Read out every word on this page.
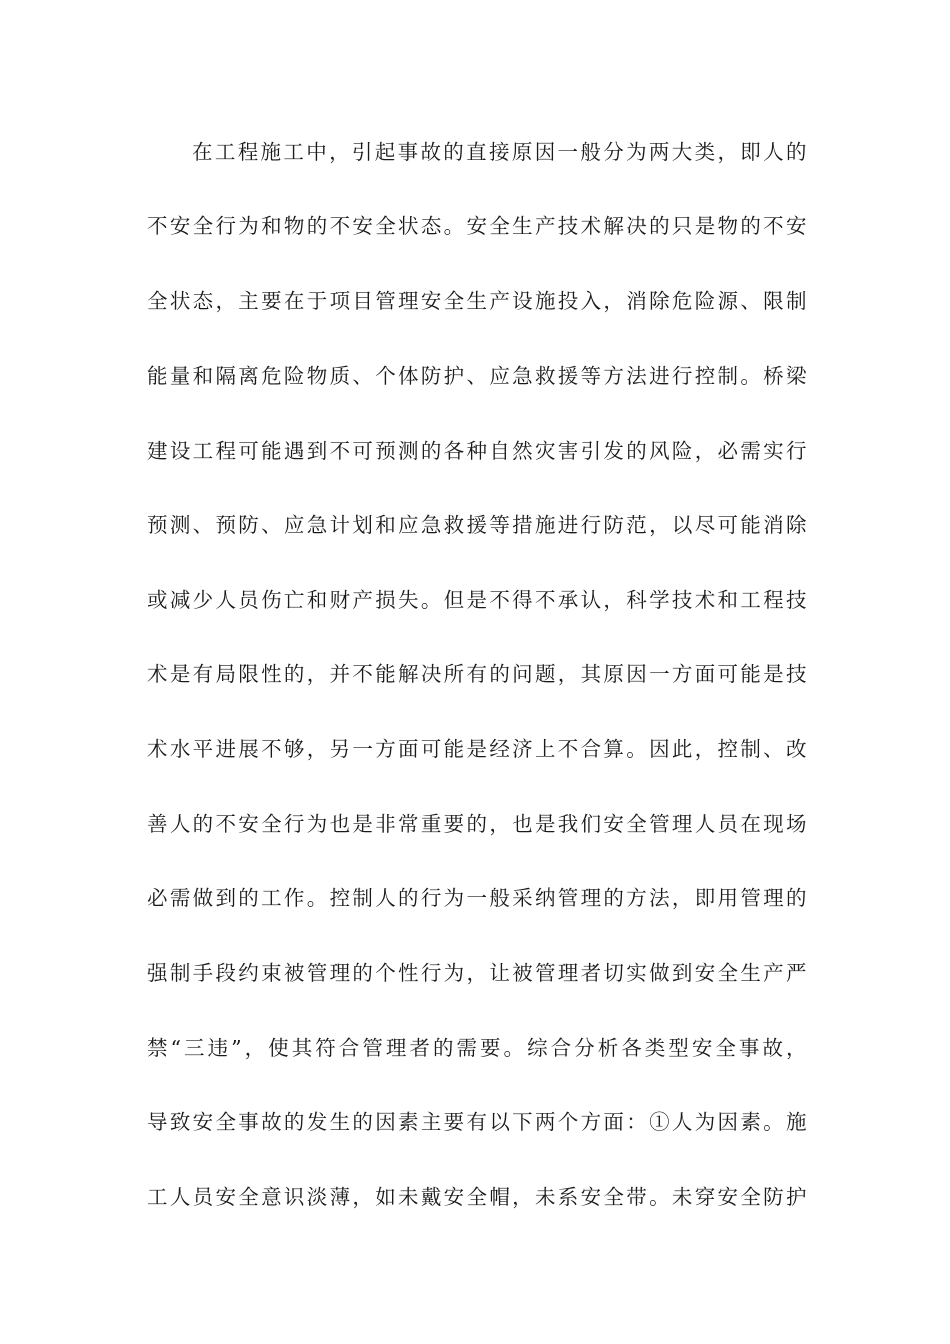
在工程施工中，引起事故的直接原因一般分为两大类，即人的
不安全行为和物的不安全状态。安全生产技术解决的只是物的不安
全状态，主要在于项目管理安全生产设施投入，消除危险源、限制
能量和隔离危险物质、个体防护、应急救援等方法进行控制。桥梁
建设工程可能遇到不可预测的各种自然灾害引发的风险，必需实行
预测、预防、应急计划和应急救援等措施进行防范，以尽可能消除
或减少人员伤亡和财产损失。但是不得不承认，科学技术和工程技
术是有局限性的，并不能解决所有的问题，其原因一方面可能是技
术水平进展不够，另一方面可能是经济上不合算。因此，控制、改
善人的不安全行为也是非常重要的，也是我们安全管理人员在现场
必需做到的工作。控制人的行为一般采纳管理的方法，即用管理的
强制手段约束被管理的个性行为，让被管理者切实做到安全生产严
禁“三违”，使其符合管理者的需要。综合分析各类型安全事故，
导致安全事故的发生的因素主要有以下两个方面：①人为因素。施
工人员安全意识淡薄，如未戴安全帽，未系安全带。未穿安全防护
